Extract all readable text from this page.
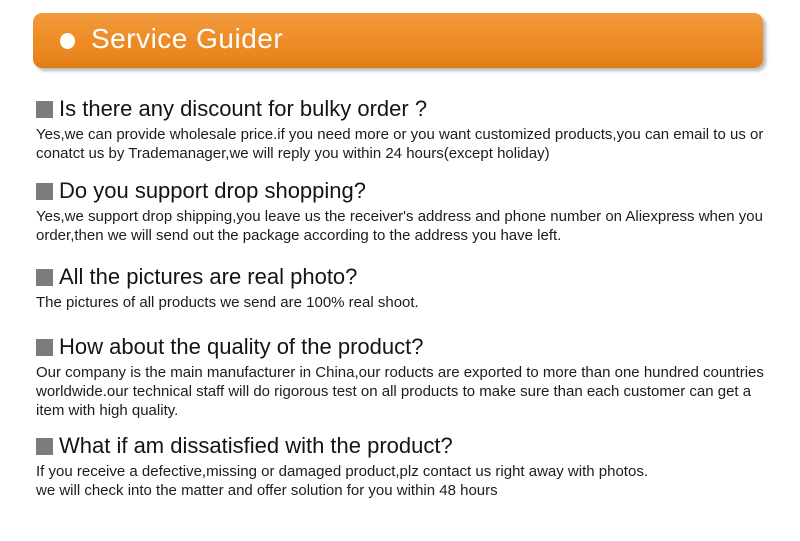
Service Guider
Is there any discount for bulky order ?
Yes,we can provide wholesale price.if you need more or you want customized products,you can email to us or
conatct us by Trademanager,we will reply you within 24 hours(except holiday)
Do you support drop shopping?
Yes,we support drop shipping,you leave us the receiver's address and phone number on Aliexpress when you
order,then we will send out the package according to the address you have left.
All the pictures are real photo?
The pictures of all products we send are 100% real shoot.
How about the quality of the product?
Our company is the main manufacturer in China,our roducts are exported to more than one hundred countries
worldwide.our technical staff will do rigorous test on all products to make sure than each customer can get a
item with high quality.
What if am dissatisfied with the product?
If you receive a defective,missing or damaged product,plz contact us right away with photos.
we will check into the matter and offer solution for you within 48 hours
